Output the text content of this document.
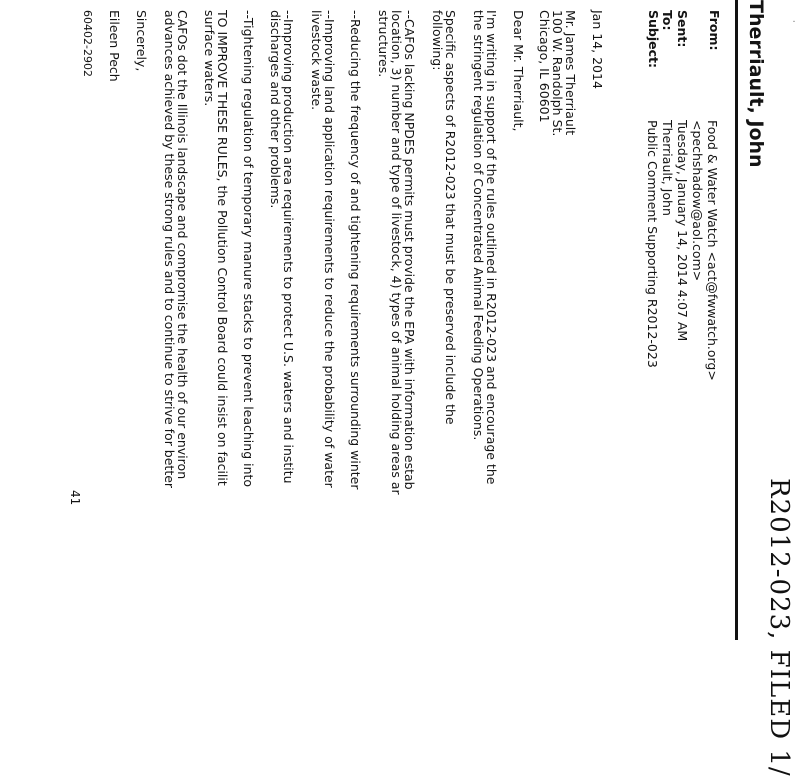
·
R2012-023, FILED 1/
Therriault, John
From:
Sent:
To:
Subject:
Food & Water Watch <act@fwwatch.org>
<pechshadow@aol.com>
Tuesday, January 14, 2014 4:07 AM
Therriault, John
Public Comment Supporting R2012-023
Jan 14, 2014
Mr. James Therriault
100 W. Randolph St.
Chicago, IL 60601
Dear Mr. Therriault,
I'm writing in support of the rules outlined in R2012-023 and encourage the
the stringent regulation of Concentrated Animal Feeding Operations.
Specific aspects of R2012-023 that must be preserved include the
following:
--CAFOs lacking NPDES permits must provide the EPA with information estab
location, 3) number and type of livestock, 4) types of animal holding areas ar
structures.
--Reducing the frequency of and tightening requirements surrounding winter
--Improving land application requirements to reduce the probability of water
livestock waste.
--Improving production area requirements to protect U.S. waters and institu
discharges and other problems.
--Tightening regulation of temporary manure stacks to prevent leaching into
TO IMPROVE THESE RULES, the Pollution Control Board could insist on facilit
surface waters.
CAFOs dot the Illinois landscape and compromise the health of our environ
advances achieved by these strong rules and to continue to strive for better
Sincerely,
Eileen Pech
60402-2902
41
